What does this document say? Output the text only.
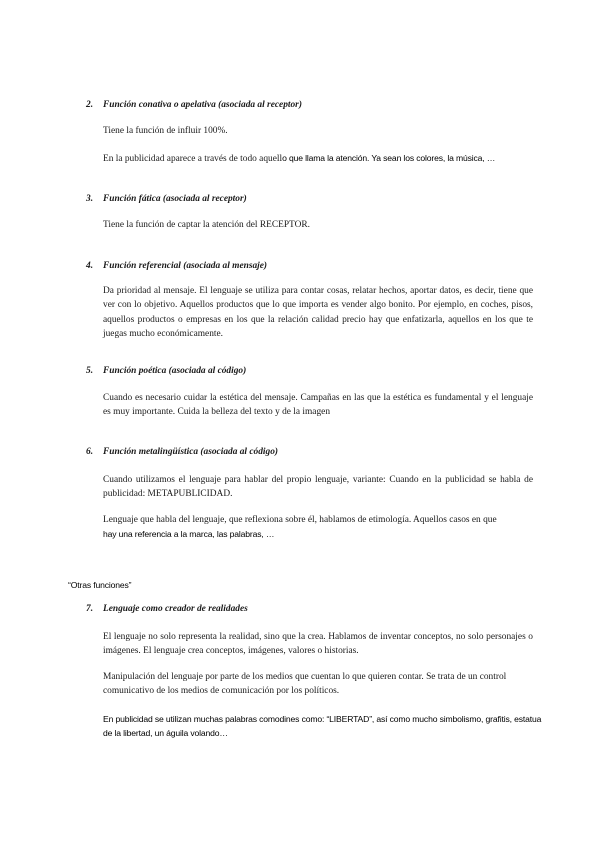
2. Función conativa o apelativa (asociada al receptor)
Tiene la función de influir 100%.
En la publicidad aparece a través de todo aquello que llama la atención. Ya sean los colores, la música, …
3. Función fática (asociada al receptor)
Tiene la función de captar la atención del RECEPTOR.
4. Función referencial (asociada al mensaje)
Da prioridad al mensaje. El lenguaje se utiliza para contar cosas, relatar hechos, aportar datos, es decir, tiene que ver con lo objetivo. Aquellos productos que lo que importa es vender algo bonito. Por ejemplo, en coches, pisos, aquellos productos o empresas en los que la relación calidad precio hay que enfatizarla, aquellos en los que te juegas mucho económicamente.
5. Función poética (asociada al código)
Cuando es necesario cuidar la estética del mensaje. Campañas en las que la estética es fundamental y el lenguaje es muy importante. Cuida la belleza del texto y de la imagen
6. Función metalingüística (asociada al código)
Cuando utilizamos el lenguaje para hablar del propio lenguaje, variante: Cuando en la publicidad se habla de publicidad: METAPUBLICIDAD.
Lenguaje que habla del lenguaje, que reflexiona sobre él, hablamos de etimología. Aquellos casos en que
hay una referencia a la marca, las palabras, …
“Otras funciones”
7. Lenguaje como creador de realidades
El lenguaje no solo representa la realidad, sino que la crea. Hablamos de inventar conceptos, no solo personajes o imágenes. El lenguaje crea conceptos, imágenes, valores o historias.
Manipulación del lenguaje por parte de los medios que cuentan lo que quieren contar. Se trata de un control comunicativo de los medios de comunicación por los políticos.
En publicidad se utilizan muchas palabras comodines como: “LIBERTAD”, así como mucho simbolismo, grafitis, estatua de la libertad, un águila volando…
